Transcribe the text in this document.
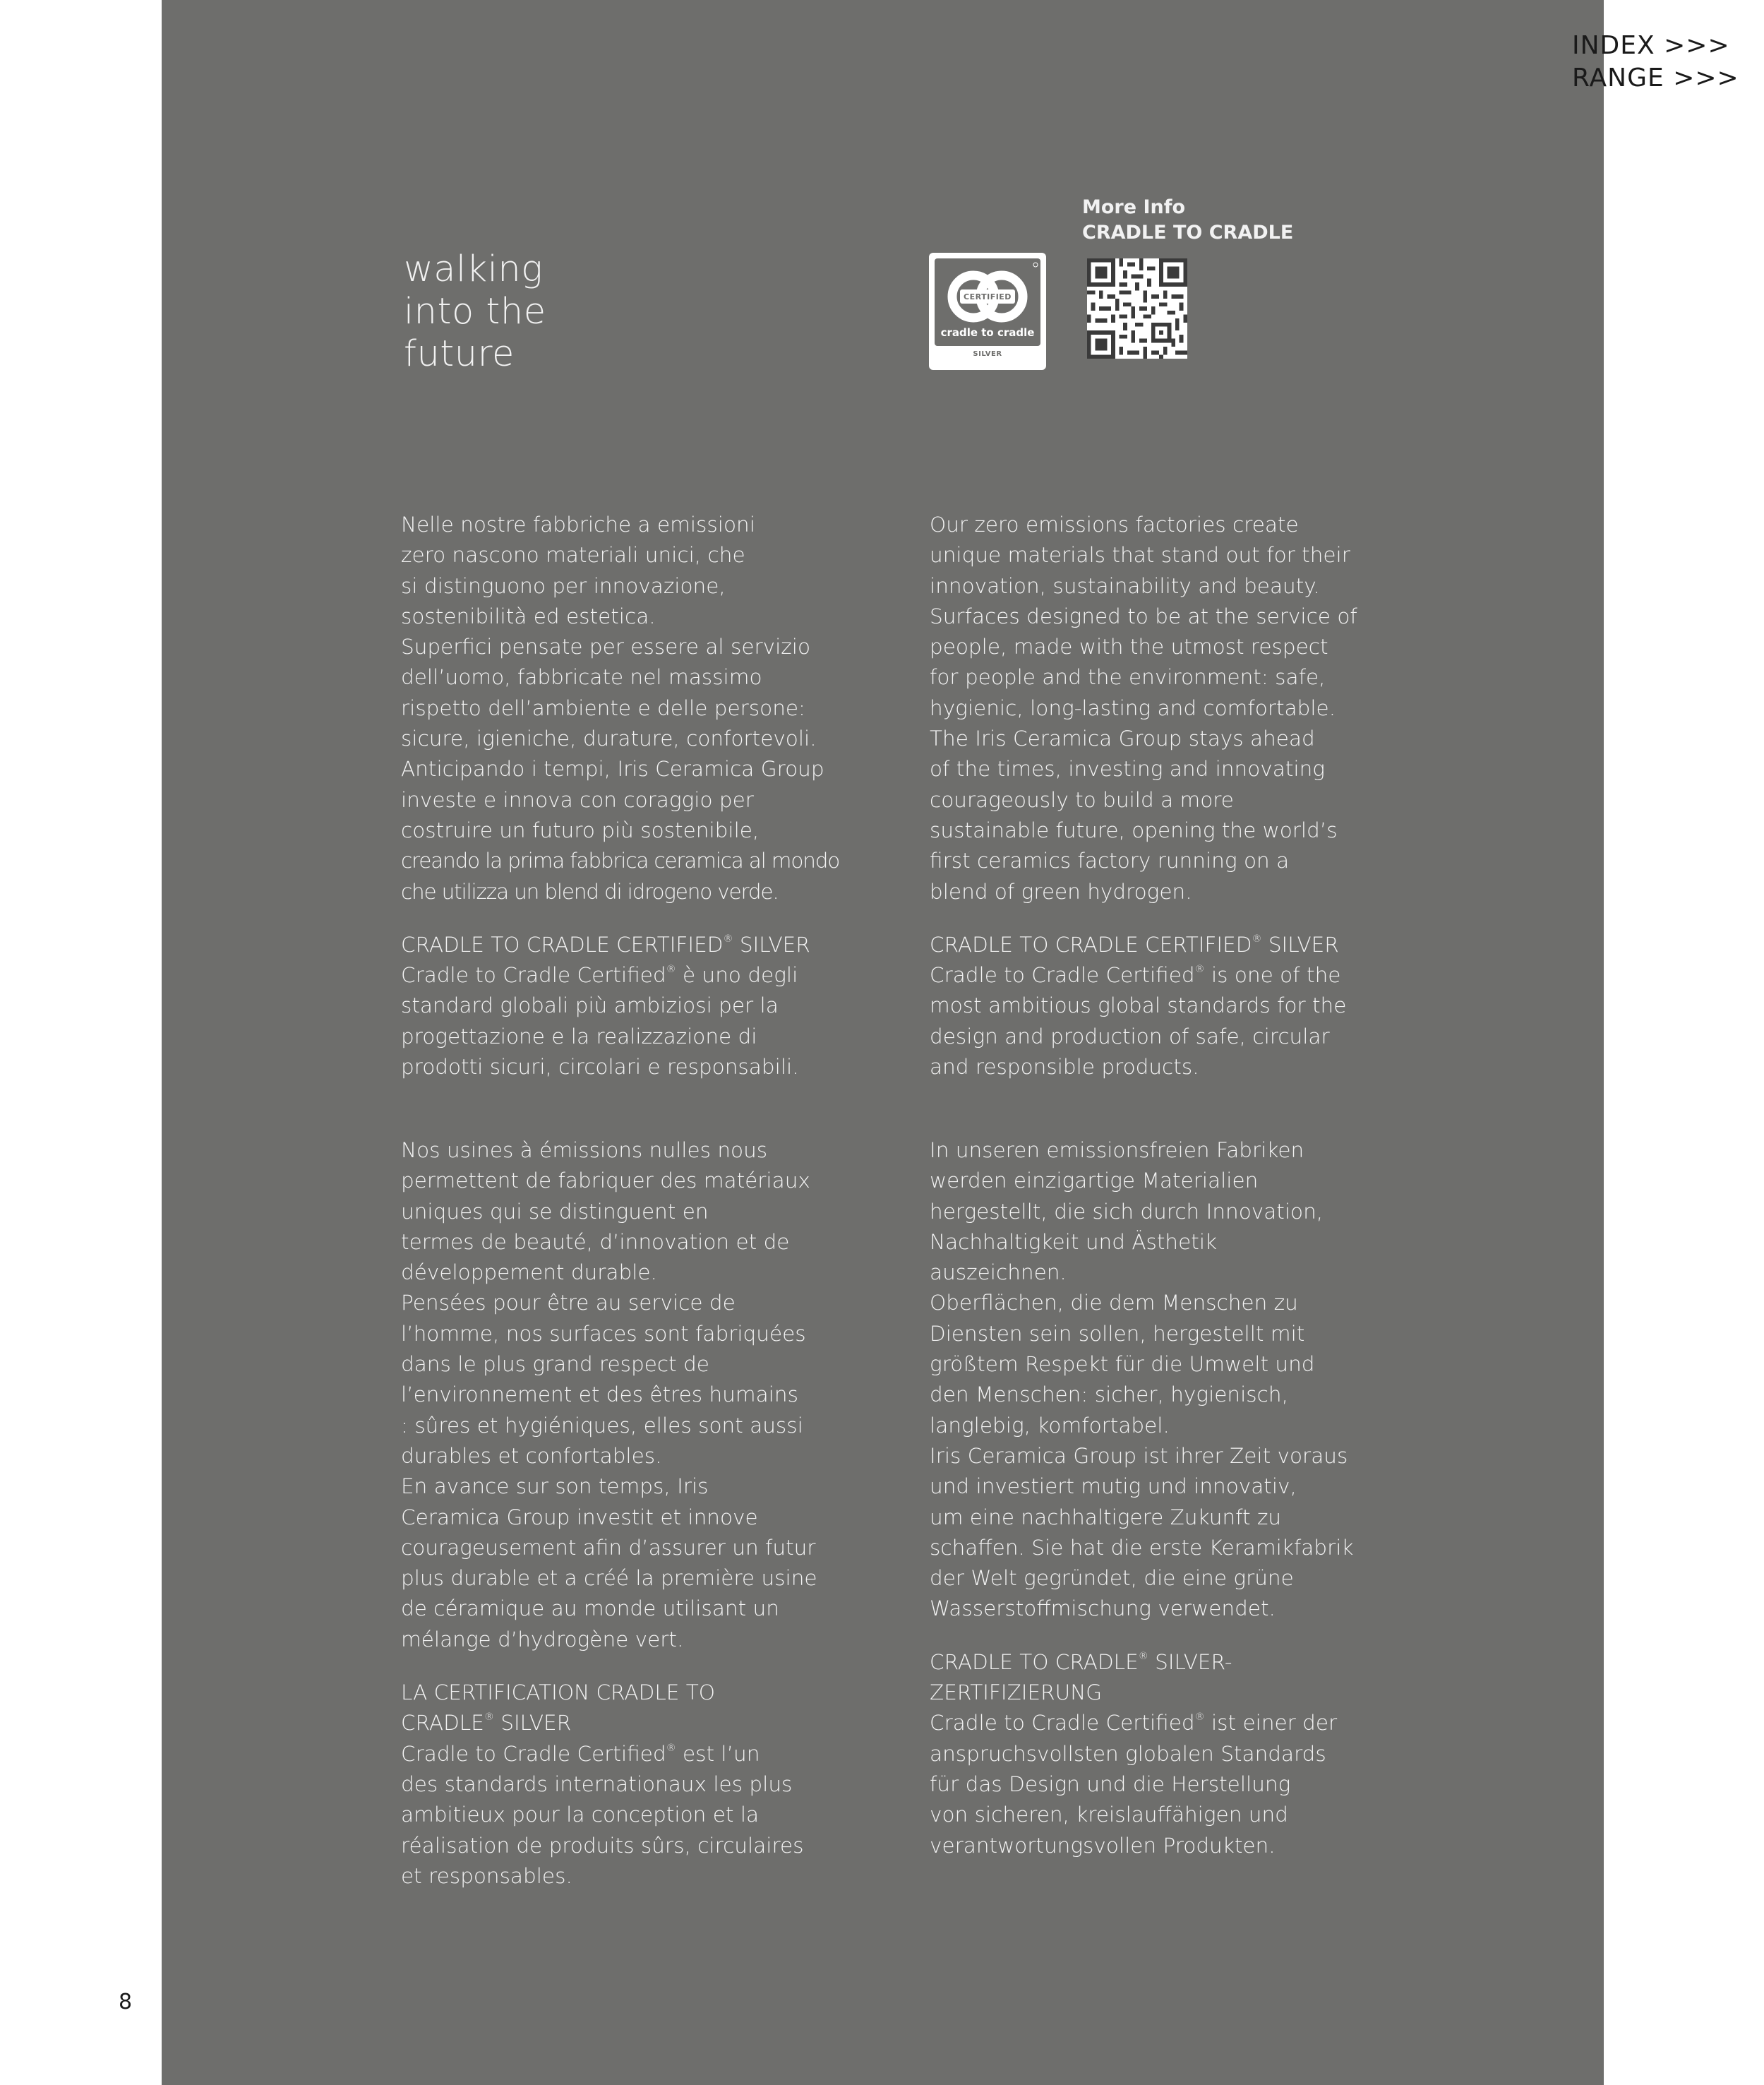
INDEX >>>
RANGE >>>
8
walking
into the
future
CERTIFIED
cradle to cradle
SILVER
More Info
CRADLE TO CRADLE
Nelle nostre fabbriche a emissioni
zero nascono materiali unici, che
si distinguono per innovazione,
sostenibilità ed estetica.
Superfici pensate per essere al servizio
dell’uomo, fabbricate nel massimo
rispetto dell’ambiente e delle persone:
sicure, igieniche, durature, confortevoli.
Anticipando i tempi, Iris Ceramica Group
investe e innova con coraggio per
costruire un futuro più sostenibile,
creando la prima fabbrica ceramica al mondo
che utilizza un blend di idrogeno verde.
CRADLE TO CRADLE CERTIFIED® SILVER
Cradle to Cradle Certified® è uno degli
standard globali più ambiziosi per la
progettazione e la realizzazione di
prodotti sicuri, circolari e responsabili.
Our zero emissions factories create
unique materials that stand out for their
innovation, sustainability and beauty.
Surfaces designed to be at the service of
people, made with the utmost respect
for people and the environment: safe,
hygienic, long-lasting and comfortable.
The Iris Ceramica Group stays ahead
of the times, investing and innovating
courageously to build a more
sustainable future, opening the world’s
first ceramics factory running on a
blend of green hydrogen.
CRADLE TO CRADLE CERTIFIED® SILVER
Cradle to Cradle Certified® is one of the
most ambitious global standards for the
design and production of safe, circular
and responsible products.
Nos usines à émissions nulles nous
permettent de fabriquer des matériaux
uniques qui se distinguent en
termes de beauté, d’innovation et de
développement durable.
Pensées pour être au service de
l’homme, nos surfaces sont fabriquées
dans le plus grand respect de
l’environnement et des êtres humains
: sûres et hygiéniques, elles sont aussi
durables et confortables.
En avance sur son temps, Iris
Ceramica Group investit et innove
courageusement afin d’assurer un futur
plus durable et a créé la première usine
de céramique au monde utilisant un
mélange d’hydrogène vert.
LA CERTIFICATION CRADLE TO
CRADLE® SILVER
Cradle to Cradle Certified® est l’un
des standards internationaux les plus
ambitieux pour la conception et la
réalisation de produits sûrs, circulaires
et responsables.
In unseren emissionsfreien Fabriken
werden einzigartige Materialien
hergestellt, die sich durch Innovation,
Nachhaltigkeit und Ästhetik
auszeichnen.
Oberflächen, die dem Menschen zu
Diensten sein sollen, hergestellt mit
größtem Respekt für die Umwelt und
den Menschen: sicher, hygienisch,
langlebig, komfortabel.
Iris Ceramica Group ist ihrer Zeit voraus
und investiert mutig und innovativ,
um eine nachhaltigere Zukunft zu
schaffen. Sie hat die erste Keramikfabrik
der Welt gegründet, die eine grüne
Wasserstoffmischung verwendet.
CRADLE TO CRADLE® SILVER-
ZERTIFIZIERUNG
Cradle to Cradle Certified® ist einer der
anspruchsvollsten globalen Standards
für das Design und die Herstellung
von sicheren, kreislauffähigen und
verantwortungsvollen Produkten.
